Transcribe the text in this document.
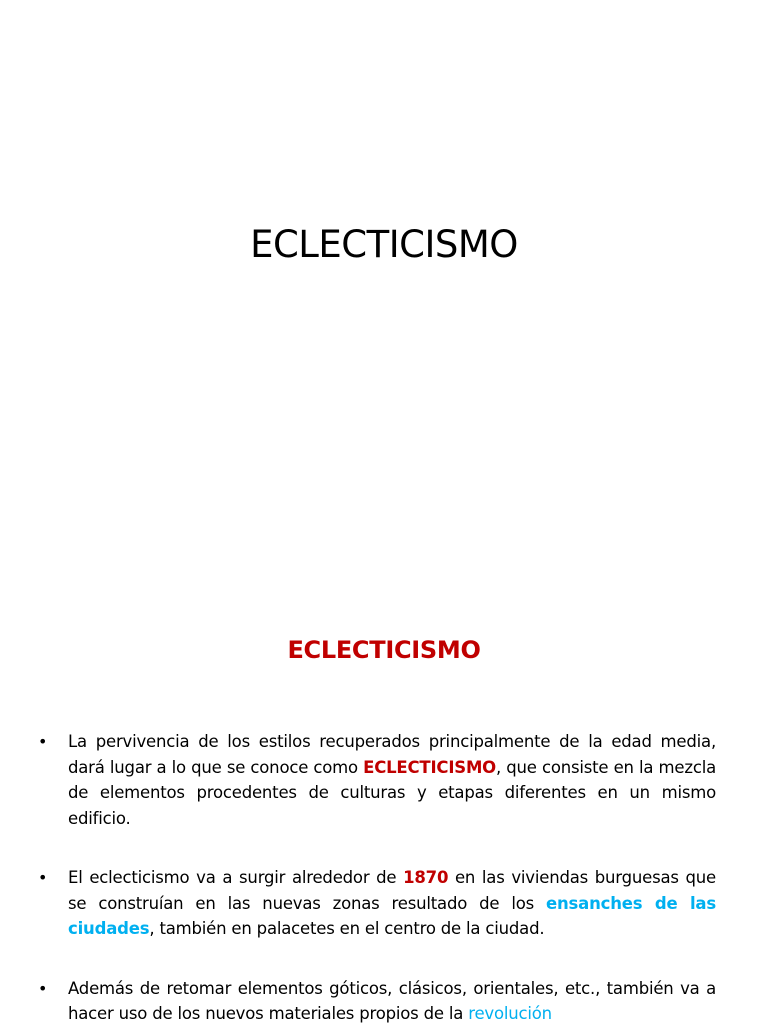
ECLECTICISMO
ECLECTICISMO
• La pervivencia de los estilos recuperados principalmente de la edad media, dará lugar a lo que se conoce como ECLECTICISMO, que consiste en la mezcla de elementos procedentes de culturas y etapas diferentes en un mismo edificio.
• El eclecticismo va a surgir alrededor de 1870 en las viviendas burguesas que se construían en las nuevas zonas resultado de los ensanches de las ciudades, también en palacetes en el centro de la ciudad.
• Además de retomar elementos góticos, clásicos, orientales, etc., también va a hacer uso de los nuevos materiales propios de la revolución
